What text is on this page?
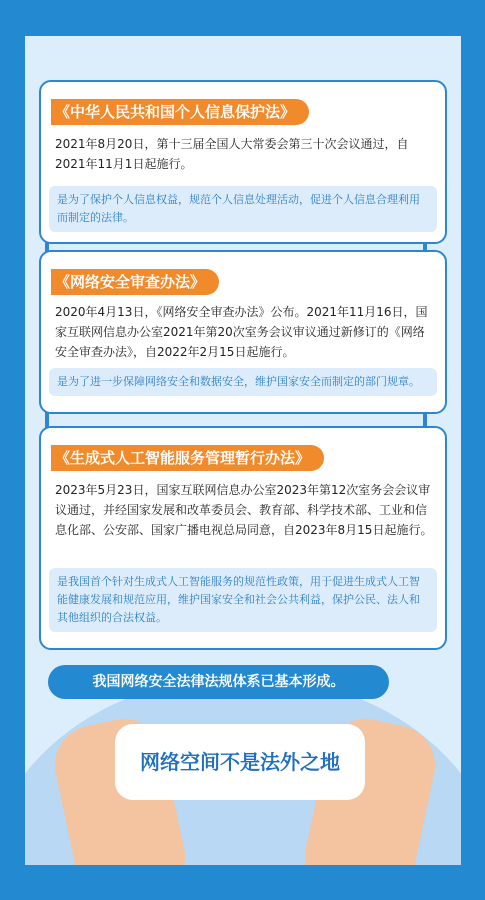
《中华人民共和国个人信息保护法》
2021年8月20日，第十三届全国人大常委会第三十次会议通过，自2021年11月1日起施行。
是为了保护个人信息权益，规范个人信息处理活动，促进个人信息合理利用而制定的法律。
《网络安全审查办法》
2020年4月13日，《网络安全审查办法》公布。2021年11月16日，国家互联网信息办公室2021年第20次室务会议审议通过新修订的《网络安全审查办法》，自2022年2月15日起施行。
是为了进一步保障网络安全和数据安全，维护国家安全而制定的部门规章。
《生成式人工智能服务管理暂行办法》
2023年5月23日，国家互联网信息办公室2023年第12次室务会会议审议通过，并经国家发展和改革委员会、教育部、科学技术部、工业和信息化部、公安部、国家广播电视总局同意，自2023年8月15日起施行。
是我国首个针对生成式人工智能服务的规范性政策，用于促进生成式人工智能健康发展和规范应用，维护国家安全和社会公共利益，保护公民、法人和其他组织的合法权益。
我国网络安全法律法规体系已基本形成。
网络空间不是法外之地
